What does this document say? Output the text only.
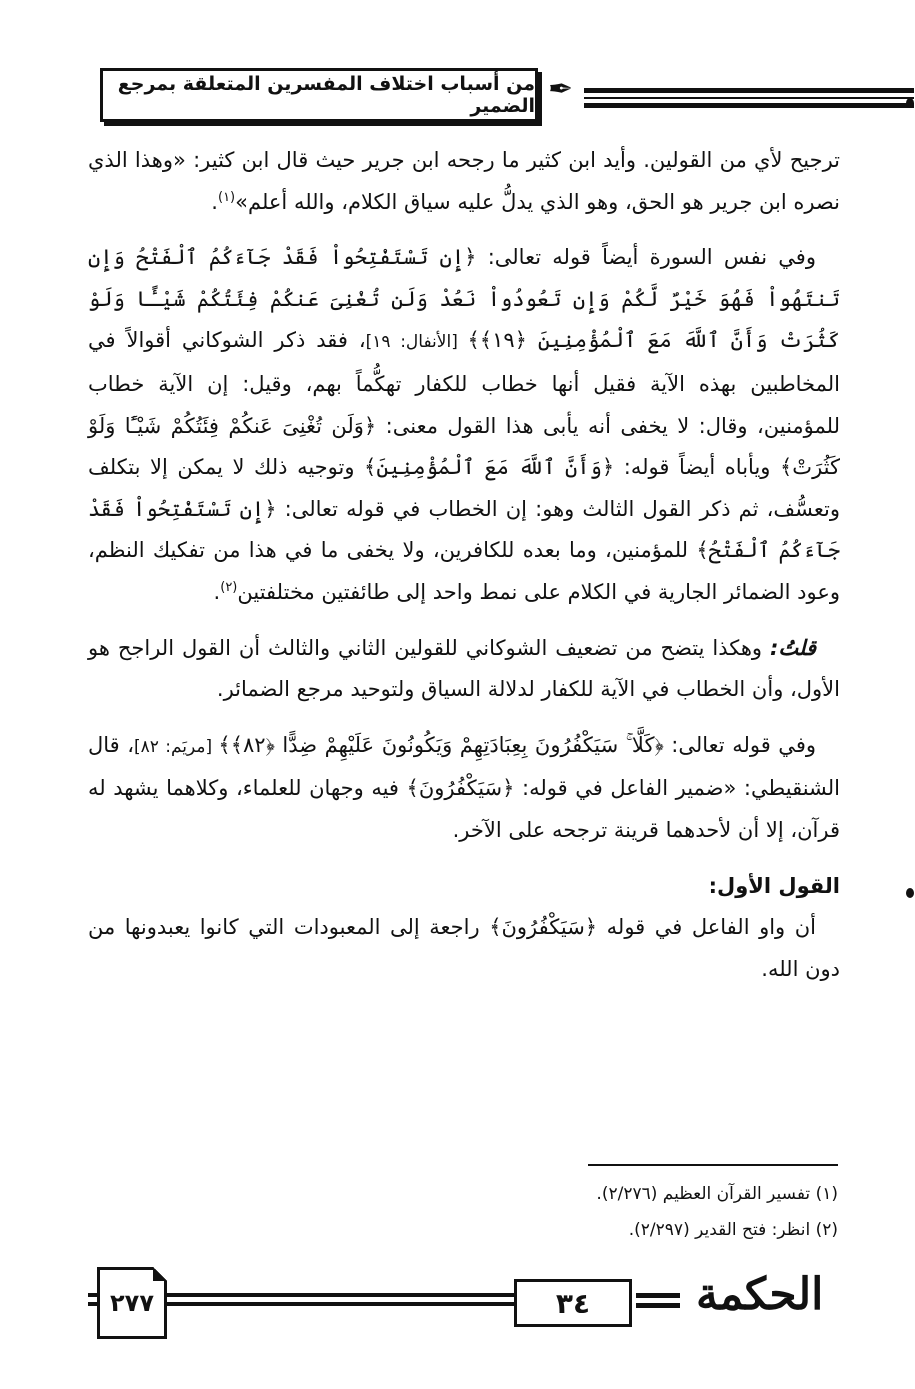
من أسباب اختلاف المفسرين المتعلقة بمرجع الضمير ✒

ترجيح لأي من القولين. وأيد ابن كثير ما رجحه ابن جرير حيث قال ابن كثير: «وهذا الذي نصره ابن جرير هو الحق، وهو الذي يدلُّ عليه سياق الكلام، والله أعلم»$^{(١)}$.

وفي نفس السورة أيضاً قوله تعالى: ﴿إِن تَسْتَفْتِحُواْ فَقَدْ جَآءَكُمُ ٱلْفَتْحُ وَإِن تَنتَهُواْ فَهُوَ خَيْرٌ لَّكُمْ وَإِن تَعُودُواْ نَعُدْ وَلَن تُغْنِىَ عَنكُمْ فِئَتُكُمْ شَيْـًٔا وَلَوْ كَثُرَتْ وَأَنَّ ٱللَّهَ مَعَ ٱلْمُؤْمِنِينَ ﴿١٩﴾﴾ [الأنفال: ١٩]، فقد ذكر الشوكاني أقوالاً في المخاطبين بهذه الآية فقيل أنها خطاب للكفار تهكُّماً بهم، وقيل: إن الآية خطاب للمؤمنين، وقال: لا يخفى أنه يأبى هذا القول معنى: ﴿وَلَن تُغْنِىَ عَنكُمْ فِئَتُكُمْ شَيْـًٔا وَلَوْ كَثُرَتْ﴾ ويأباه أيضاً قوله: ﴿وَأَنَّ ٱللَّهَ مَعَ ٱلْمُؤْمِنِينَ﴾ وتوجيه ذلك لا يمكن إلا بتكلف وتعسُّف، ثم ذكر القول الثالث وهو: إن الخطاب في قوله تعالى: ﴿إِن تَسْتَفْتِحُواْ فَقَدْ جَآءَكُمُ ٱلْفَتْحُ﴾ للمؤمنين، وما بعده للكافرين، ولا يخفى ما في هذا من تفكيك النظم، وعود الضمائر الجارية في الكلام على نمط واحد إلى طائفتين مختلفتين$^{(٢)}$.

قلتُ: وهكذا يتضح من تضعيف الشوكاني للقولين الثاني والثالث أن القول الراجح هو الأول، وأن الخطاب في الآية للكفار لدلالة السياق ولتوحيد مرجع الضمائر.

وفي قوله تعالى: ﴿كَلَّا ۚ سَيَكْفُرُونَ بِعِبَادَتِهِمْ وَيَكُونُونَ عَلَيْهِمْ ضِدًّا ﴿٨٢﴾﴾ [مريَم: ٨٢]، قال الشنقيطي: «ضمير الفاعل في قوله: ﴿سَيَكْفُرُونَ﴾ فيه وجهان للعلماء، وكلاهما يشهد له قرآن، إلا أن لأحدهما قرينة ترجحه على الآخر.

القول الأول:

أن واو الفاعل في قوله ﴿سَيَكْفُرُونَ﴾ راجعة إلى المعبودات التي كانوا يعبدونها من دون الله.

(١) تفسير القرآن العظيم (٢/٢٧٦).
(٢) انظر: فتح القدير (٢/٢٩٧).
٢٧٧	٣٤ الحكمة
